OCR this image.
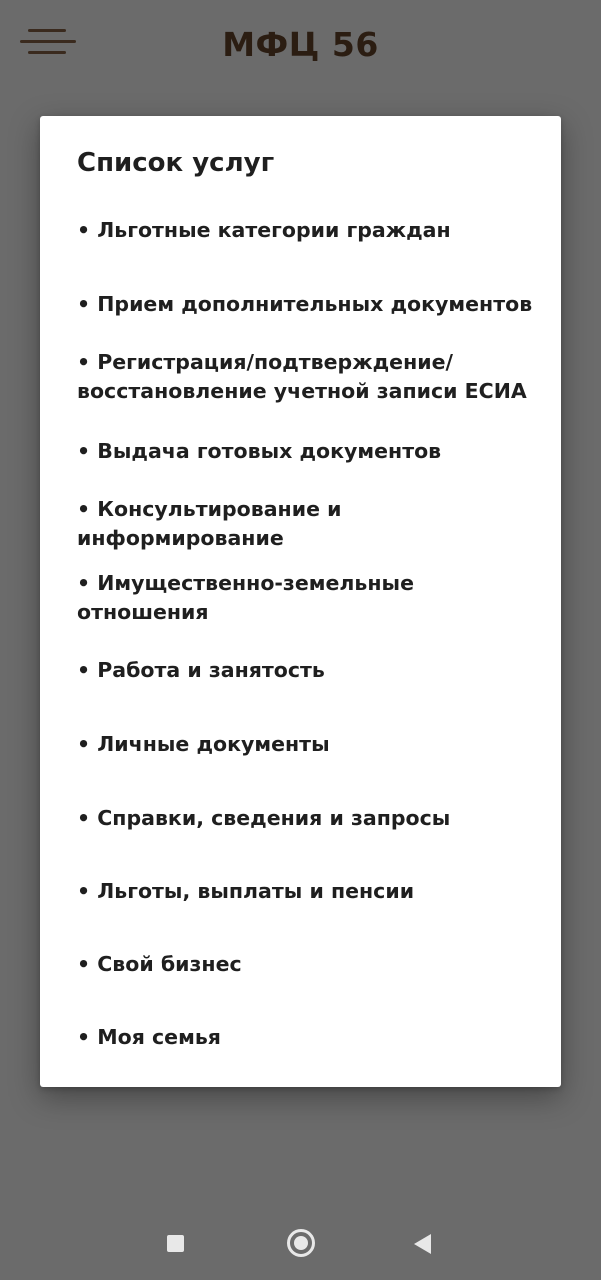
МФЦ 56
Список услуг
• Льготные категории граждан
• Прием дополнительных документов
• Регистрация/подтверждение/ восстановление учетной записи ЕСИА
• Выдача готовых документов
• Консультирование и информирование
• Имущественно-земельные отношения
• Работа и занятость
• Личные документы
• Справки, сведения и запросы
• Льготы, выплаты и пенсии
• Свой бизнес
• Моя семья
